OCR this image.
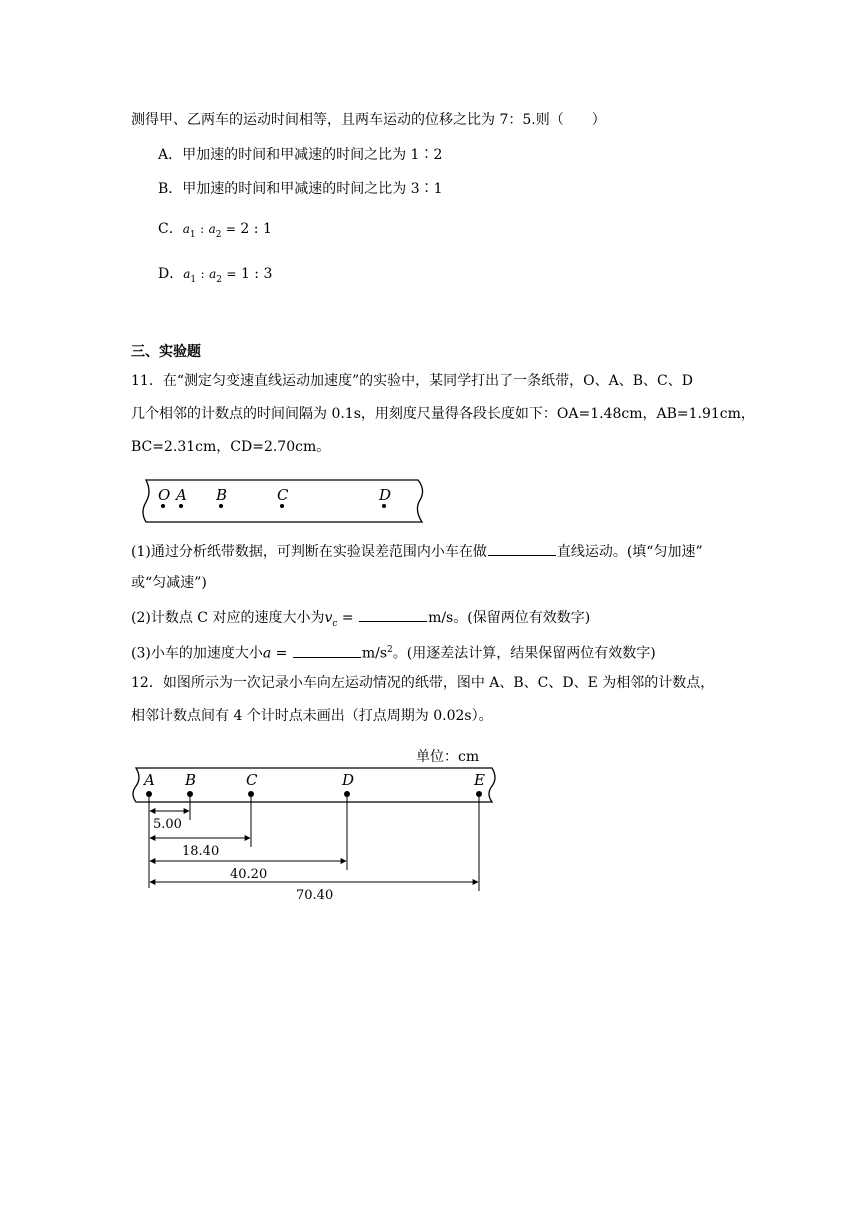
测得甲、乙两车的运动时间相等，且两车运动的位移之比为 7：5.则（　　）
A．甲加速的时间和甲减速的时间之比为 1∶2
B．甲加速的时间和甲减速的时间之比为 3∶1
C．$a_1$ : $a_2 = 2$ : 1
D．$a_1$ : $a_2 = 1$ : 3
三、实验题
11．在“测定匀变速直线运动加速度”的实验中，某同学打出了一条纸带，O、A、B、C、D
几个相邻的计数点的时间间隔为 0.1s，用刻度尺量得各段长度如下：OA=1.48cm，AB=1.91cm，
BC=2.31cm，CD=2.70cm。
O A B	C	D
(1)通过分析纸带数据，可判断在实验误差范围内小车在做	直线运动。(填“匀加速”
或“匀减速”)
(2)计数点 C 对应的速度大小为$v_c$ =	m/s。(保留两位有效数字)
(3)小车的加速度大小a =	$m/s^2$。(用逐差法计算，结果保留两位有效数字)
12．如图所示为一次记录小车向左运动情况的纸带，图中 A、B、C、D、E 为相邻的计数点，
相邻计数点间有 4 个计时点未画出（打点周期为 0.02s）。
单位：cm
A B	C	D	E
5.00
18.40
40.20
70.40
